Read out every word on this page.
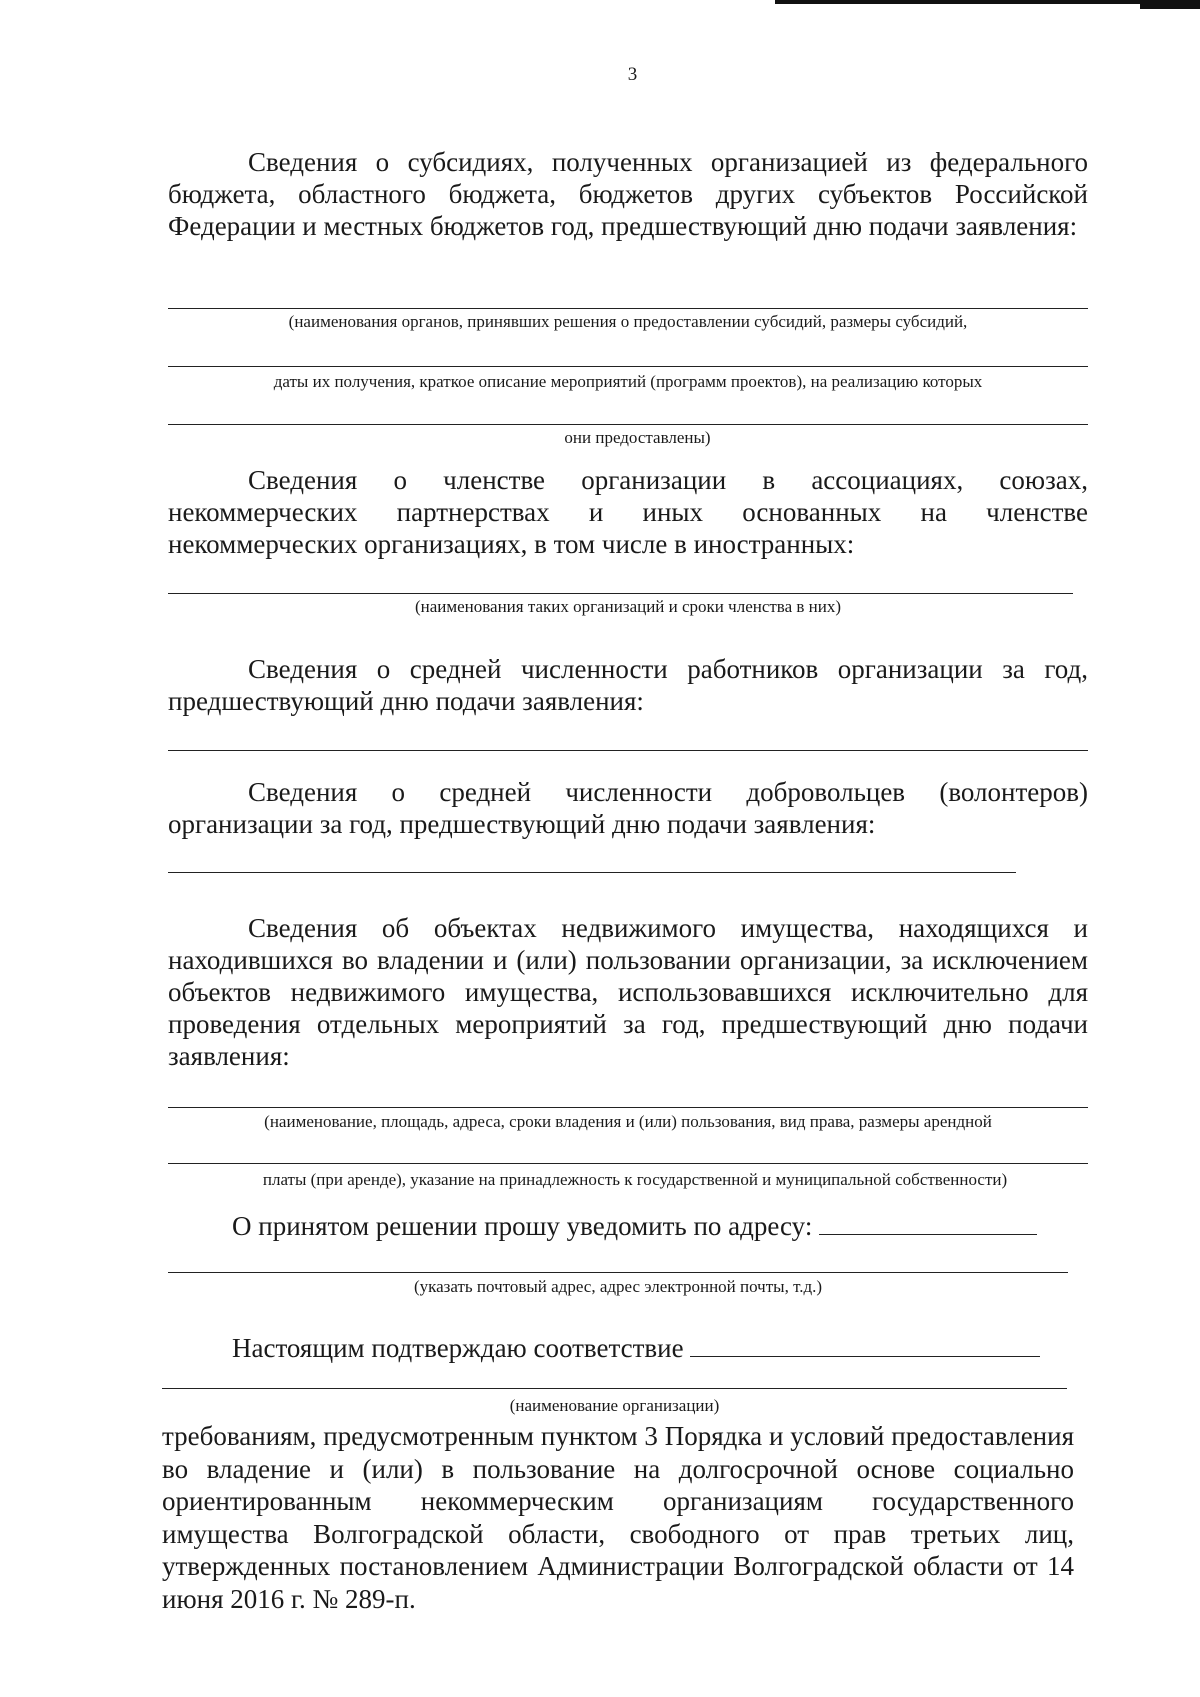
3

Сведения о субсидиях, полученных организацией из федерального бюджета, областного бюджета, бюджетов других субъектов Российской Федерации и местных бюджетов год, предшествующий дню подачи заявления:

(наименования органов, принявших решения о предоставлении субсидий, размеры субсидий,
даты их получения, краткое описание мероприятий (программ проектов), на реализацию которых
они предоставлены)

Сведения о членстве организации в ассоциациях, союзах, некоммерческих партнерствах и иных основанных на членстве некоммерческих организациях, в том числе в иностранных:

(наименования таких организаций и сроки членства в них)

Сведения о средней численности работников организации за год, предшествующий дню подачи заявления:

Сведения о средней численности добровольцев (волонтеров) организации за год, предшествующий дню подачи заявления:

Сведения об объектах недвижимого имущества, находящихся и находившихся во владении и (или) пользовании организации, за исключением объектов недвижимого имущества, использовавшихся исключительно для проведения отдельных мероприятий за год, предшествующий дню подачи заявления:

(наименование, площадь, адреса, сроки владения и (или) пользования, вид права, размеры арендной
платы (при аренде), указание на принадлежность к государственной и муниципальной собственности)
О принятом решении прошу уведомить по адресу:
(указать почтовый адрес, адрес электронной почты, т.д.)
Настоящим подтверждаю соответствие
(наименование организации)

требованиям, предусмотренным пунктом 3 Порядка и условий предоставления во владение и (или) в пользование на долгосрочной основе социально ориентированным некоммерческим организациям государственного имущества Волгоградской области, свободного от прав третьих лиц, утвержденных постановлением Администрации Волгоградской области от 14 июня 2016 г. № 289-п.
